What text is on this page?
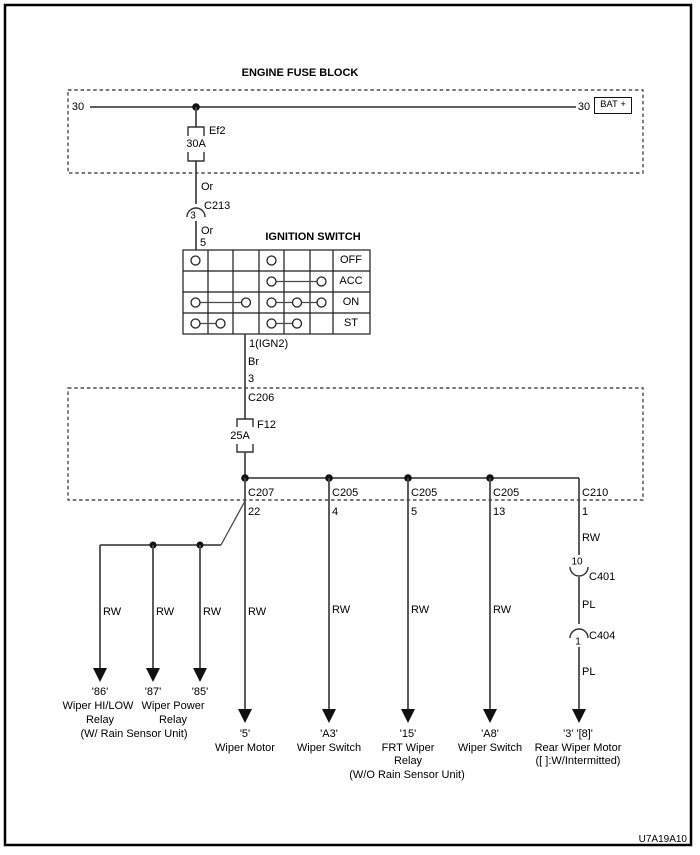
ENGINE FUSE BLOCK
30	30	BAT +
Ef2
30A
Or
C213
3
Or
5	IGNITION SWITCH
OFF
ACC
ON
ST
1(IGN2)
Br
3
C206
F12
25A
C207
22
C205
4
C205
5
C205
13
C210
1
RW	RW	RW RW	RW	RW	RW
RW
PL
PL
10
C401
1
C404
'86'	'87'	'85'
Wiper HI/LOW
Relay
Wiper Power
Relay
(W/ Rain Sensor Unit)	'5'
Wiper Motor
'A3'
Wiper Switch
'15'
FRT Wiper
Relay
(W/O Rain Sensor Unit)
'A8'
Wiper Switch
'3' '[8]'
Rear Wiper Motor
([ ]:W/Intermitted)
U7A19A10
